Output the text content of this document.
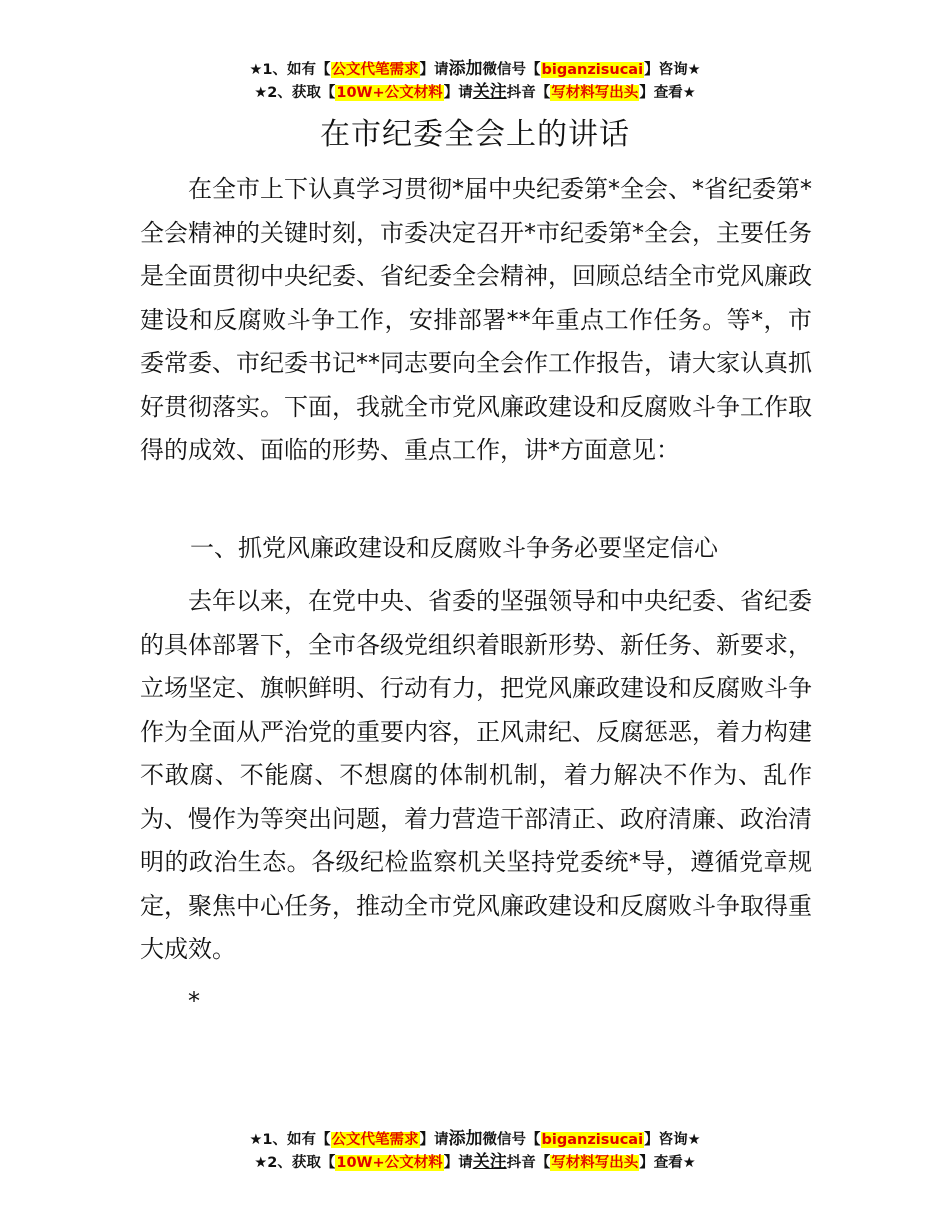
★1、如有【公文代笔需求】请添加微信号【biganzisucai】咨询★
★2、获取【10W+公文材料】请关注抖音【写材料写出头】查看★
在市纪委全会上的讲话

在全市上下认真学习贯彻*届中央纪委第*全会、*省纪委第*全会精神的关键时刻，市委决定召开*市纪委第*全会，主要任务是全面贯彻中央纪委、省纪委全会精神，回顾总结全市党风廉政建设和反腐败斗争工作，安排部署**年重点工作任务。等*，市委常委、市纪委书记**同志要向全会作工作报告，请大家认真抓好贯彻落实。下面，我就全市党风廉政建设和反腐败斗争工作取得的成效、面临的形势、重点工作，讲*方面意见：

一、抓党风廉政建设和反腐败斗争务必要坚定信心

去年以来，在党中央、省委的坚强领导和中央纪委、省纪委的具体部署下，全市各级党组织着眼新形势、新任务、新要求，立场坚定、旗帜鲜明、行动有力，把党风廉政建设和反腐败斗争作为全面从严治党的重要内容，正风肃纪、反腐惩恶，着力构建不敢腐、不能腐、不想腐的体制机制，着力解决不作为、乱作为、慢作为等突出问题，着力营造干部清正、政府清廉、政治清明的政治生态。各级纪检监察机关坚持党委统*导，遵循党章规定，聚焦中心任务，推动全市党风廉政建设和反腐败斗争取得重大成效。

*

★1、如有【公文代笔需求】请添加微信号【biganzisucai】咨询★
★2、获取【10W+公文材料】请关注抖音【写材料写出头】查看★
